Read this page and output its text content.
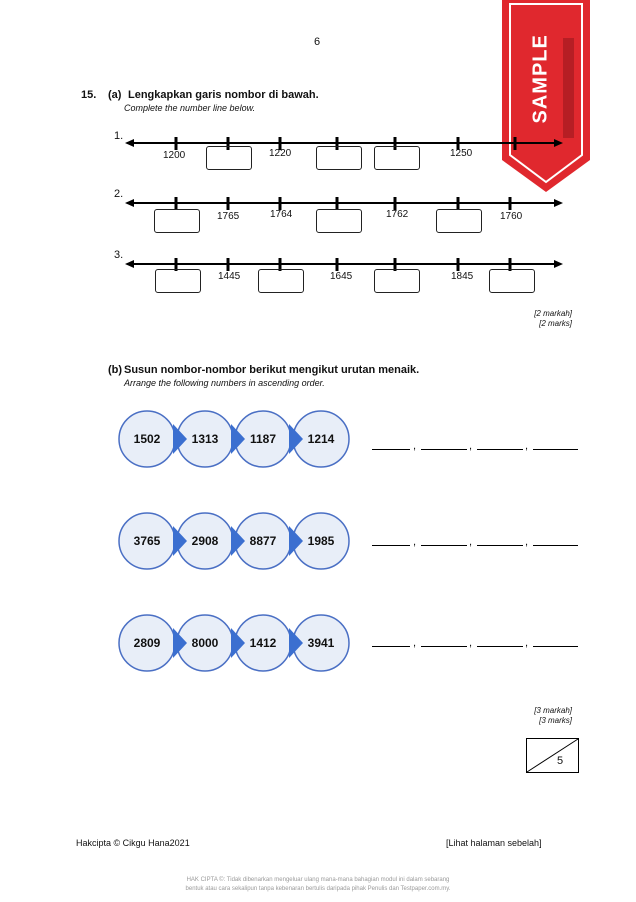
6	SAMPLE
15. (a) Lengkapkan garis nombor di bawah.
Complete the number line below.
1.
1200	1220	1250
2.
1765	1764	1762	1760
3.
1445	1645	1845
[2 markah]
[2 marks]
(b) Susun nombor-nombor berikut mengikut urutan menaik.
Arrange the following numbers in ascending order.
1502	1313	1187	1214	,	,	,
3765	2908	8877	1985	,	,	,
2809	8000	1412	3941	,	,	,
[3 markah]
[3 marks]
5
Hakcipta © Cikgu Hana2021	[Lihat halaman sebelah]
HAK CIPTA ©: Tidak dibenarkan mengeluar ulang mana-mana bahagian modul ini dalam sebarang
bentuk atau cara sekalipun tanpa kebenaran bertulis daripada pihak Penulis dan Testpaper.com.my.
